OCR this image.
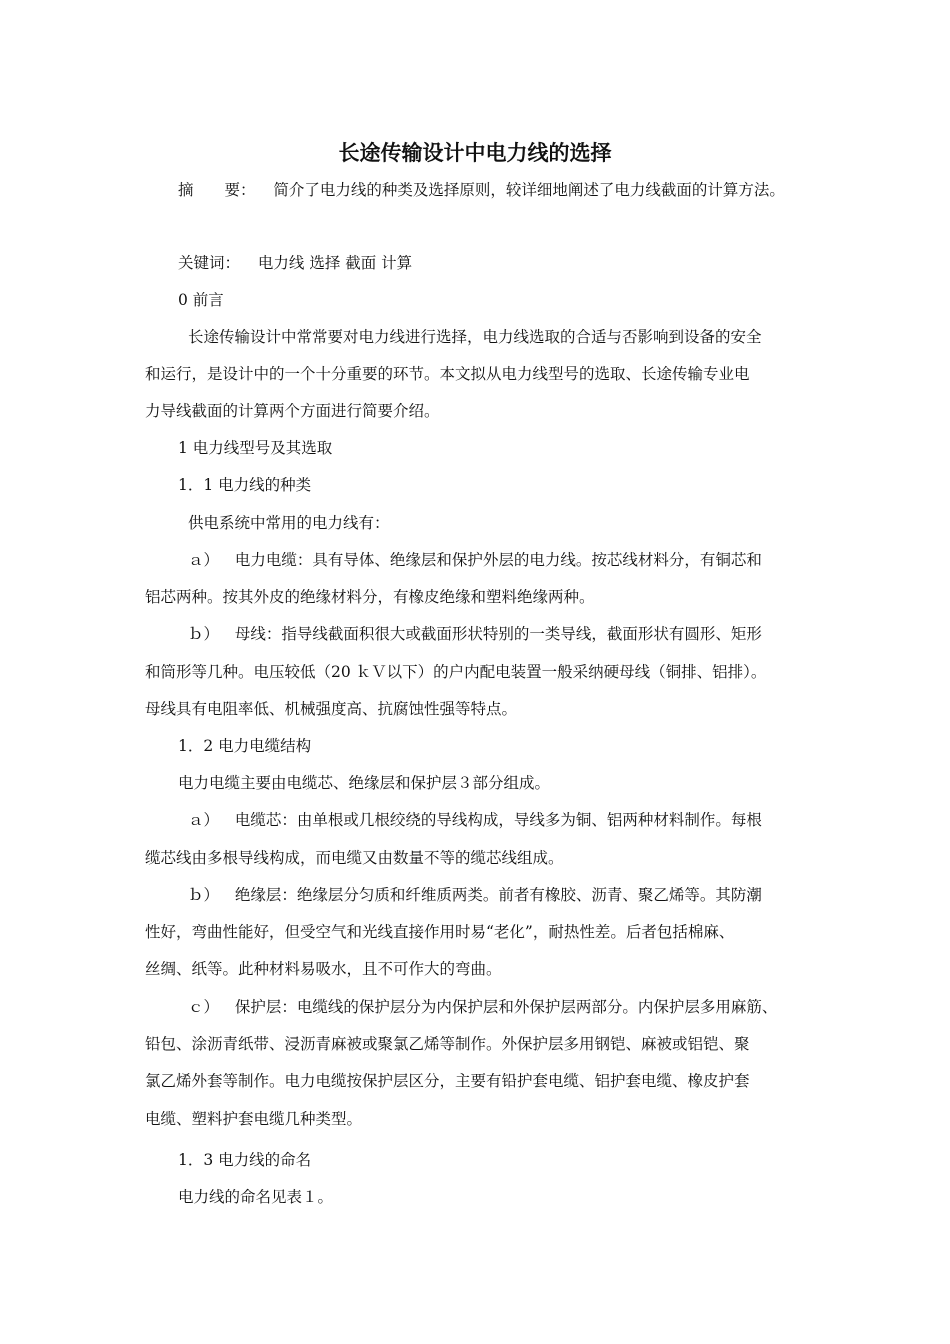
长途传输设计中电力线的选择
摘　　要： 简介了电力线的种类及选择原则，较详细地阐述了电力线截面的计算方法。
关键词： 电力线 选择 截面 计算
0 前言
长途传输设计中常常要对电力线进行选择，电力线选取的合适与否影响到设备的安全
和运行，是设计中的一个十分重要的环节。本文拟从电力线型号的选取、长途传输专业电
力导线截面的计算两个方面进行简要介绍。
1 电力线型号及其选取
1．1 电力线的种类
供电系统中常用的电力线有：
ａ） 电力电缆：具有导体、绝缘层和保护外层的电力线。按芯线材料分，有铜芯和
铝芯两种。按其外皮的绝缘材料分，有橡皮绝缘和塑料绝缘两种。
ｂ） 母线：指导线截面积很大或截面形状特别的一类导线，截面形状有圆形、矩形
和筒形等几种。电压较低（20 ｋＶ以下）的户内配电装置一般采纳硬母线（铜排、铝排）。
母线具有电阻率低、机械强度高、抗腐蚀性强等特点。
1．2 电力电缆结构
电力电缆主要由电缆芯、绝缘层和保护层３部分组成。
ａ） 电缆芯：由单根或几根绞绕的导线构成，导线多为铜、铝两种材料制作。每根
缆芯线由多根导线构成，而电缆又由数量不等的缆芯线组成。
ｂ） 绝缘层：绝缘层分匀质和纤维质两类。前者有橡胶、沥青、聚乙烯等。其防潮
性好，弯曲性能好，但受空气和光线直接作用时易“老化”，耐热性差。后者包括棉麻、
丝绸、纸等。此种材料易吸水，且不可作大的弯曲。
ｃ） 保护层：电缆线的保护层分为内保护层和外保护层两部分。内保护层多用麻筋、
铅包、涂沥青纸带、浸沥青麻被或聚氯乙烯等制作。外保护层多用钢铠、麻被或铝铠、聚
氯乙烯外套等制作。电力电缆按保护层区分，主要有铅护套电缆、铝护套电缆、橡皮护套
电缆、塑料护套电缆几种类型。
1．3 电力线的命名
电力线的命名见表１。
